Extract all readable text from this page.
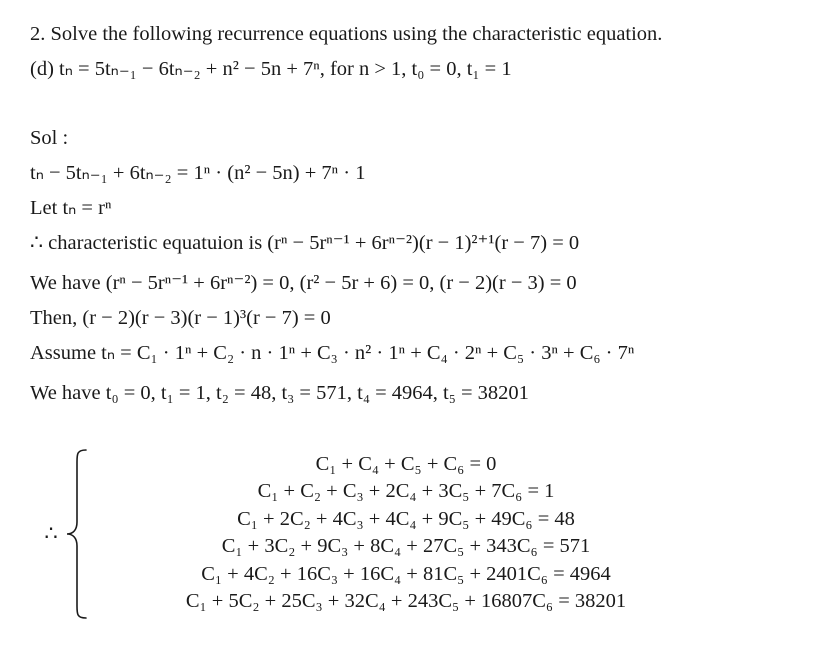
2. Solve the following recurrence equations using the characteristic equation.
(d) tₙ = 5tₙ₋₁ − 6tₙ₋₂ + n² − 5n + 7ⁿ, for n > 1, t₀ = 0, t₁ = 1
Sol :
tₙ − 5tₙ₋₁ + 6tₙ₋₂ = 1ⁿ · (n² − 5n) + 7ⁿ · 1
Let tₙ = rⁿ
∴ characteristic equatuion is (rⁿ − 5rⁿ⁻¹ + 6rⁿ⁻²)(r − 1)²⁺¹(r − 7) = 0
We have (rⁿ − 5rⁿ⁻¹ + 6rⁿ⁻²) = 0, (r² − 5r + 6) = 0, (r − 2)(r − 3) = 0
Then, (r − 2)(r − 3)(r − 1)³(r − 7) = 0
Assume tₙ = C₁ · 1ⁿ + C₂ · n · 1ⁿ + C₃ · n² · 1ⁿ + C₄ · 2ⁿ + C₅ · 3ⁿ + C₆ · 7ⁿ
We have t₀ = 0, t₁ = 1, t₂ = 48, t₃ = 571, t₄ = 4964, t₅ = 38201
∴
C₁ + C₄ + C₅ + C₆ = 0
C₁ + C₂ + C₃ + 2C₄ + 3C₅ + 7C₆ = 1
C₁ + 2C₂ + 4C₃ + 4C₄ + 9C₅ + 49C₆ = 48
C₁ + 3C₂ + 9C₃ + 8C₄ + 27C₅ + 343C₆ = 571
C₁ + 4C₂ + 16C₃ + 16C₄ + 81C₅ + 2401C₆ = 4964
C₁ + 5C₂ + 25C₃ + 32C₄ + 243C₅ + 16807C₆ = 38201
